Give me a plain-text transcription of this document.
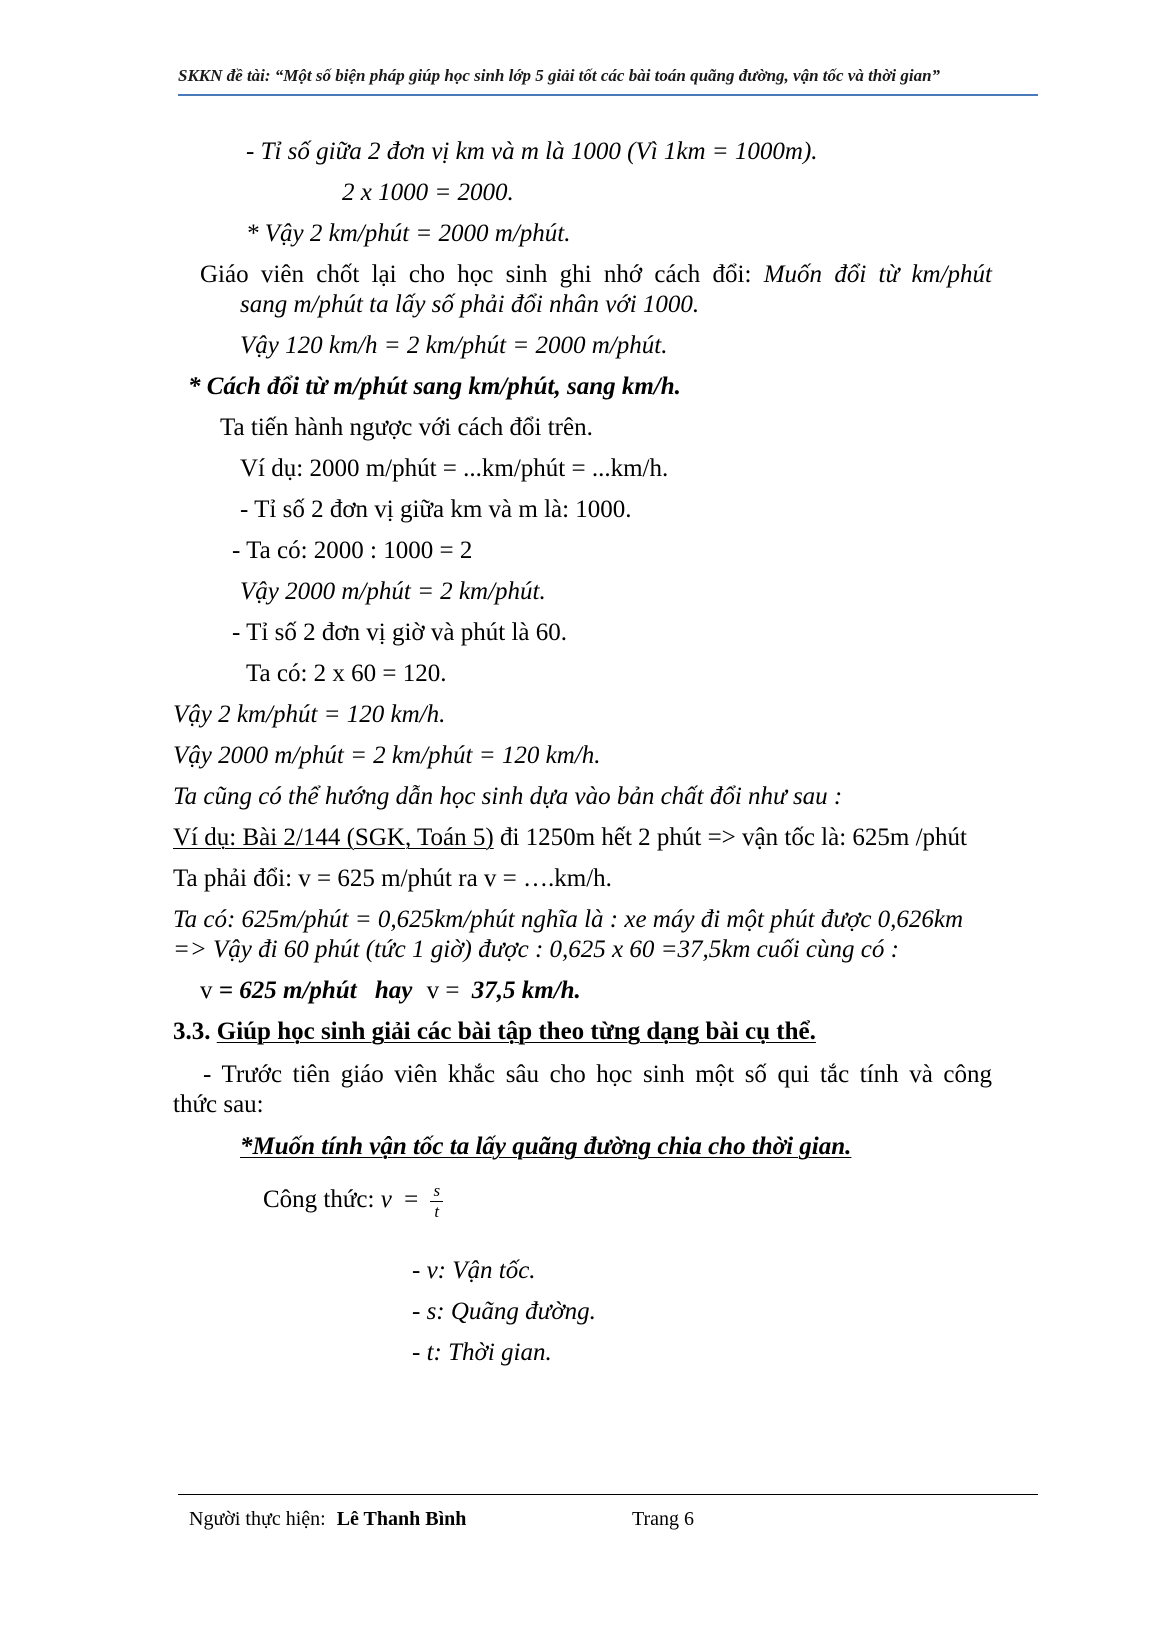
SKKN đề tài: “Một số biện pháp giúp học sinh lớp 5 giải tốt các bài toán quãng đường, vận tốc và thời gian”
- Tỉ số giữa 2 đơn vị km và m là 1000 (Vì 1km = 1000m).
2 x 1000 = 2000.
* Vậy 2 km/phút = 2000 m/phút.
Giáo viên chốt lại cho học sinh ghi nhớ cách đổi: Muốn đổi từ km/phút
sang m/phút ta lấy số phải đổi nhân với 1000.
Vậy 120 km/h = 2 km/phút = 2000 m/phút.
* Cách đổi từ m/phút sang km/phút, sang km/h.
Ta tiến hành ngược với cách đổi trên.
Ví dụ: 2000 m/phút = ...km/phút = ...km/h.
- Tỉ số 2 đơn vị giữa km và m là: 1000.
- Ta có: 2000 : 1000 = 2
Vậy 2000 m/phút = 2 km/phút.
- Tỉ số 2 đơn vị giờ và phút là 60.
Ta có: 2 x 60 = 120.
Vậy 2 km/phút = 120 km/h.
Vậy 2000 m/phút = 2 km/phút = 120 km/h.
Ta cũng có thể hướng dẫn học sinh dựa vào bản chất đổi như sau :
Ví dụ: Bài 2/144 (SGK, Toán 5) đi 1250m hết 2 phút => vận tốc là: 625m /phút
Ta phải đổi: v = 625 m/phút ra v = ….km/h.
Ta có: 625m/phút = 0,625km/phút nghĩa là : xe máy đi một phút được 0,626km
=> Vậy đi 60 phút (tức 1 giờ) được : 0,625 x 60 =37,5km cuối cùng có :
v = 625 m/phút hay v = 37,5 km/h.
3.3. Giúp học sinh giải các bài tập theo từng dạng bài cụ thể.
- Trước tiên giáo viên khắc sâu cho học sinh một số qui tắc tính và công
thức sau:
*Muốn tính vận tốc ta lấy quãng đường chia cho thời gian.
Công thức: $v = \frac{s}{t}$
- v: Vận tốc.
- s: Quãng đường.
- t: Thời gian.
Người thực hiện: Lê Thanh Bình	Trang 6
